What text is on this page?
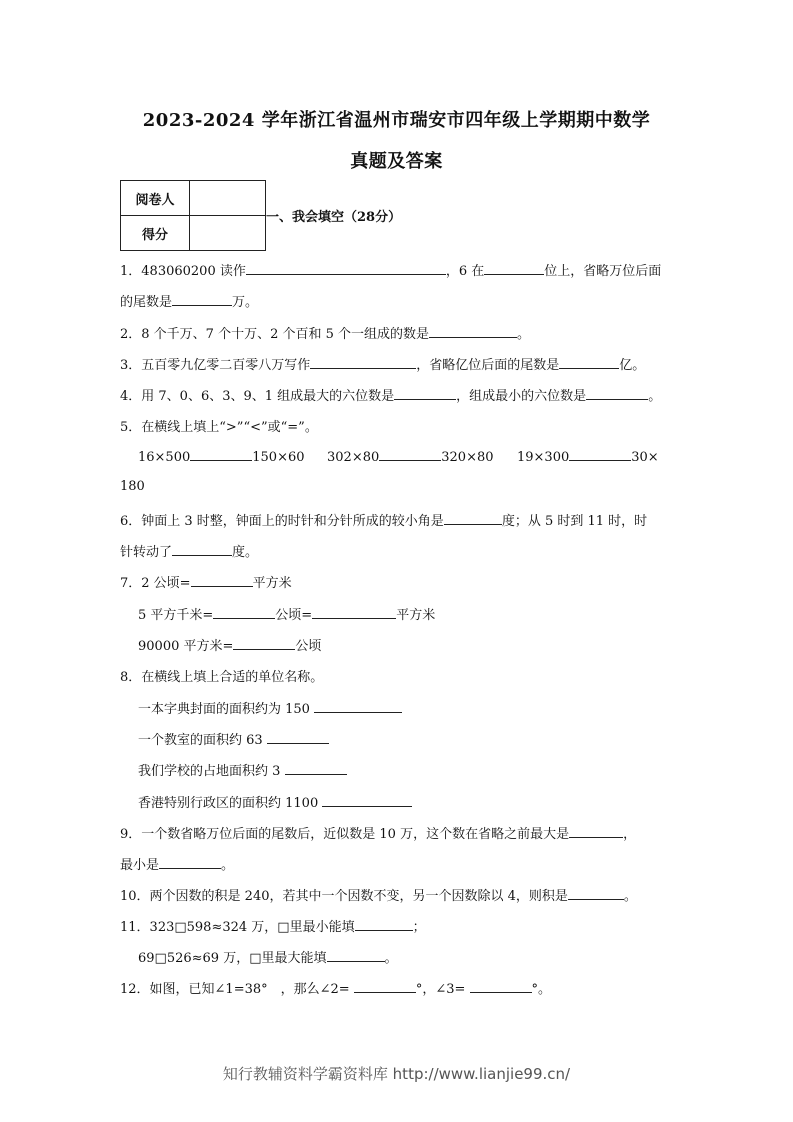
2023-2024 学年浙江省温州市瑞安市四年级上学期期中数学
真题及答案
阅卷人	
得分	
一、我会填空（28分）
1．483060200 读作	，6 在	位上，省略万位后面
的尾数是	万。
2．8 个千万、7 个十万、2 个百和 5 个一组成的数是	。
3．五百零九亿零二百零八万写作	，省略亿位后面的尾数是	亿。
4．用 7、0、6、3、9、1 组成最大的六位数是	，组成最小的六位数是	。
5．在横线上填上“>”“<”或“=”。
16×500	150×60 302×80	320×80 19×300	30×
180
6．钟面上 3 时整，钟面上的时针和分针所成的较小角是	度；从 5 时到 11 时，时
针转动了	度。
7．2 公顷=	平方米
5 平方千米=	公顷=	平方米
90000 平方米=	公顷
8．在横线上填上合适的单位名称。
一本字典封面的面积约为 150
一个教室的面积约 63
我们学校的占地面积约 3
香港特别行政区的面积约 1100
9．一个数省略万位后面的尾数后，近似数是 10 万，这个数在省略之前最大是	，
最小是	。
10．两个因数的积是 240，若其中一个因数不变，另一个因数除以 4，则积是	。
11．323□598≈324 万，□里最小能填	；
69□526≈69 万，□里最大能填	。
12．如图，已知∠1=38°　，那么∠2=	°，∠3=	°。
知行教辅资料学霸资料库 http://www.lianjie99.cn/
